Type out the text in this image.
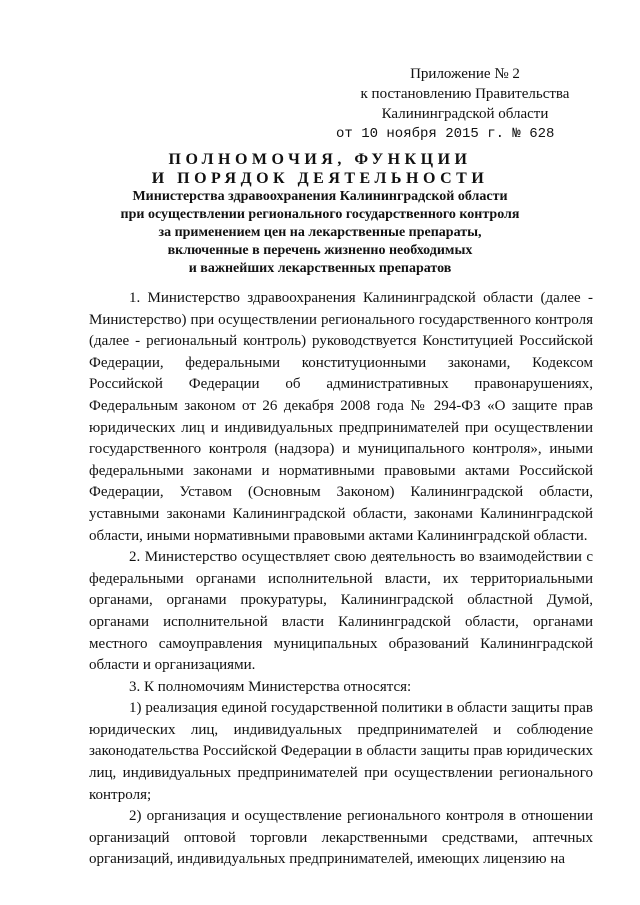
Приложение № 2
к постановлению Правительства
Калининградской области
от 10 ноября 2015 г. № 628
ПОЛНОМОЧИЯ, ФУНКЦИИ
И ПОРЯДОК ДЕЯТЕЛЬНОСТИ
Министерства здравоохранения Калининградской области
при осуществлении регионального государственного контроля
за применением цен на лекарственные препараты,
включенные в перечень жизненно необходимых
и важнейших лекарственных препаратов

1. Министерство здравоохранения Калининградской области (далее - Министерство) при осуществлении регионального государственного контроля (далее - региональный контроль) руководствуется Конституцией Российской Федерации, федеральными конституционными законами, Кодексом Российской Федерации об административных правонарушениях, Федеральным законом от 26 декабря 2008 года № 294-ФЗ «О защите прав юридических лиц и индивидуальных предпринимателей при осуществлении государственного контроля (надзора) и муниципального контроля», иными федеральными законами и нормативными правовыми актами Российской Федерации, Уставом (Основным Законом) Калининградской области, уставными законами Калининградской области, законами Калининградской области, иными нормативными правовыми актами Калининградской области.

2. Министерство осуществляет свою деятельность во взаимодействии с федеральными органами исполнительной власти, их территориальными органами, органами прокуратуры, Калининградской областной Думой, органами исполнительной власти Калининградской области, органами местного самоуправления муниципальных образований Калининградской области и организациями.

3. К полномочиям Министерства относятся:

1) реализация единой государственной политики в области защиты прав юридических лиц, индивидуальных предпринимателей и соблюдение законодательства Российской Федерации в области защиты прав юридических лиц, индивидуальных предпринимателей при осуществлении регионального контроля;

2) организация и осуществление регионального контроля в отношении организаций оптовой торговли лекарственными средствами, аптечных организаций, индивидуальных предпринимателей, имеющих лицензию на
